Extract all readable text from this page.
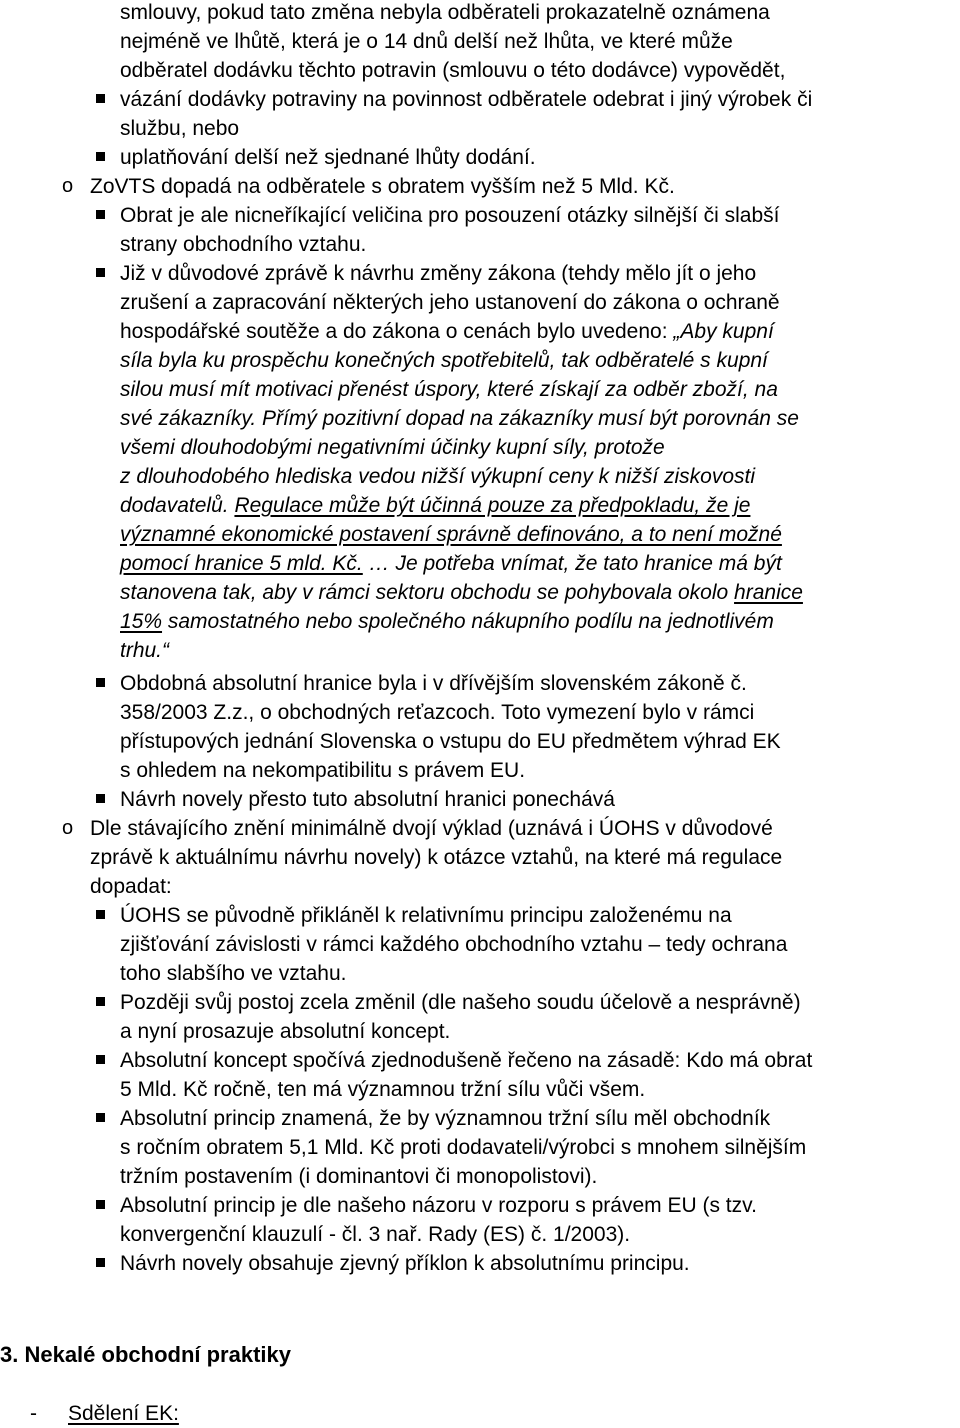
smlouvy, pokud tato změna nebyla odběrateli prokazatelně oznámena
nejméně ve lhůtě, která je o 14 dnů delší než lhůta, ve které může
odběratel dodávku těchto potravin (smlouvu o této dodávce) vypovědět,
vázání dodávky potraviny na povinnost odběratele odebrat i jiný výrobek či
službu, nebo
uplatňování delší než sjednané lhůty dodání.
o ZoVTS dopadá na odběratele s obratem vyšším než 5 Mld. Kč.
Obrat je ale nicneříkající veličina pro posouzení otázky silnější či slabší
strany obchodního vztahu.
Již v důvodové zprávě k návrhu změny zákona (tehdy mělo jít o jeho
zrušení a zapracování některých jeho ustanovení do zákona o ochraně
hospodářské soutěže a do zákona o cenách bylo uvedeno: „Aby kupní
síla byla ku prospěchu konečných spotřebitelů, tak odběratelé s kupní
silou musí mít motivaci přenést úspory, které získají za odběr zboží, na
své zákazníky. Přímý pozitivní dopad na zákazníky musí být porovnán se
všemi dlouhodobými negativními účinky kupní síly, protože
z dlouhodobého hlediska vedou nižší výkupní ceny k nižší ziskovosti
dodavatelů. Regulace může být účinná pouze za předpokladu, že je
významné ekonomické postavení správně definováno, a to není možné
pomocí hranice 5 mld. Kč. … Je potřeba vnímat, že tato hranice má být
stanovena tak, aby v rámci sektoru obchodu se pohybovala okolo hranice
15% samostatného nebo společného nákupního podílu na jednotlivém
trhu.“
Obdobná absolutní hranice byla i v dřívějším slovenském zákoně č.
358/2003 Z.z., o obchodných reťazcoch. Toto vymezení bylo v rámci
přístupových jednání Slovenska o vstupu do EU předmětem výhrad EK
s ohledem na nekompatibilitu s právem EU.
Návrh novely přesto tuto absolutní hranici ponechává
o Dle stávajícího znění minimálně dvojí výklad (uznává i ÚOHS v důvodové
zprávě k aktuálnímu návrhu novely) k otázce vztahů, na které má regulace
dopadat:
ÚOHS se původně přikláněl k relativnímu principu založenému na
zjišťování závislosti v rámci každého obchodního vztahu – tedy ochrana
toho slabšího ve vztahu.
Později svůj postoj zcela změnil (dle našeho soudu účelově a nesprávně)
a nyní prosazuje absolutní koncept.
Absolutní koncept spočívá zjednodušeně řečeno na zásadě: Kdo má obrat
5 Mld. Kč ročně, ten má významnou tržní sílu vůči všem.
Absolutní princip znamená, že by významnou tržní sílu měl obchodník
s ročním obratem 5,1 Mld. Kč proti dodavateli/výrobci s mnohem silnějším
tržním postavením (i dominantovi či monopolistovi).
Absolutní princip je dle našeho názoru v rozporu s právem EU (s tzv.
konvergenční klauzulí - čl. 3 nař. Rady (ES) č. 1/2003).
Návrh novely obsahuje zjevný příklon k absolutnímu principu.
3. Nekalé obchodní praktiky
- Sdělení EK:
